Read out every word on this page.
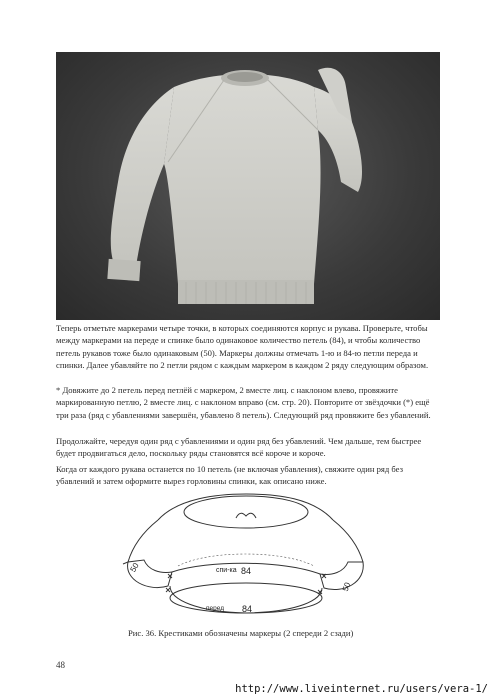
Теперь отметьте маркерами четыре точки, в которых соединяются корпус и рукава. Проверьте, чтобы между маркерами на переде и спинке было одинаковое количество петель (84), и чтобы количество петель рукавов тоже было одинаковым (50). Маркеры должны отмечать 1-ю и 84-ю петли переда и спинки. Далее убавляйте по 2 петли рядом с каждым маркером в каждом 2 ряду следующим образом.

* Довяжите до 2 петель перед петлёй с маркером, 2 вместе лиц. с наклоном влево, провяжите маркированную петлю, 2 вместе лиц. с наклоном вправо (см. стр. 20). Повторите от звёздочки (*) ещё три раза (ряд с убавлениями завершён, убавлено 8 петель). Следующий ряд провяжите без убавлений.

Продолжайте, чередуя один ряд с убавлениями и один ряд без убавлений. Чем дальше, тем быстрее будет продвигаться дело, поскольку ряды становятся всё короче и короче.

Когда от каждого рукава останется по 10 петель (не включая убавления), свяжите один ряд без убавлений и затем оформите вырез горловины спинки, как описано ниже.

спи-ка 84
перед 84
50
50
Рис. 36. Крестиками обозначены маркеры (2 спереди 2 сзади)
48
http://www.liveinternet.ru/users/vera-1/
